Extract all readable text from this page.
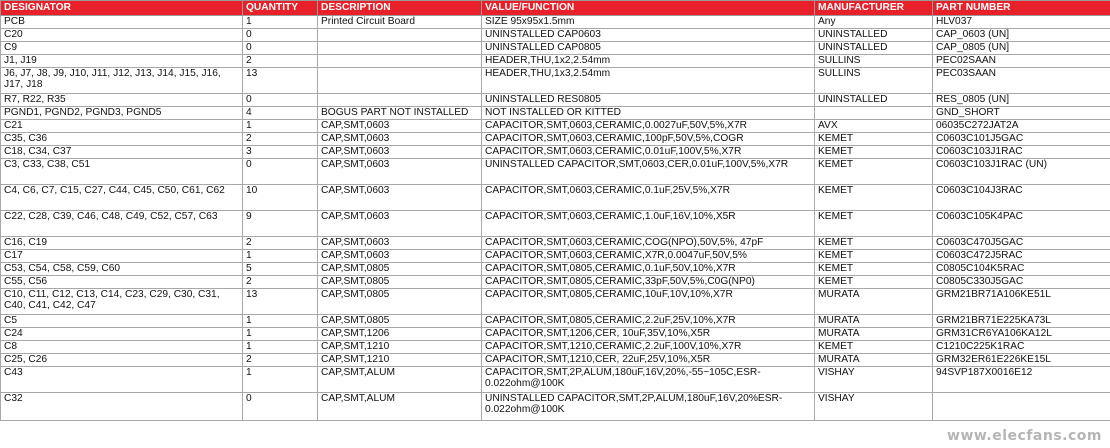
DESIGNATOR	QUANTITY	DESCRIPTION	VALUE/FUNCTION	MANUFACTURER	PART NUMBER
PCB	1	Printed Circuit Board	SIZE 95x95x1.5mm	Any	HLV037
C20	0		UNINSTALLED CAP0603	UNINSTALLED	CAP_0603 (UN]
C9	0		UNINSTALLED CAP0805	UNINSTALLED	CAP_0805 (UN]
J1, J19	2		HEADER,THU,1x2,2.54mm	SULLINS	PEC02SAAN
J6, J7, J8, J9, J10, J11, J12, J13, J14, J15, J16, J17, J18	13		HEADER,THU,1x3,2.54mm	SULLINS	PEC03SAAN
R7, R22, R35	0		UNINSTALLED RES0805	UNINSTALLED	RES_0805 (UN]
PGND1, PGND2, PGND3, PGND5	4	BOGUS PART NOT INSTALLED	NOT INSTALLED OR KITTED		GND_SHORT
C21	1	CAP,SMT,0603	CAPACITOR,SMT,0603,CERAMIC,0.0027uF,50V,5%,X7R	AVX	06035C272JAT2A
C35, C36	2	CAP,SMT,0603	CAPACITOR,SMT,0603,CERAMIC,100pF,50V,5%,COGR	KEMET	C0603C101J5GAC
C18, C34, C37	3	CAP,SMT,0603	CAPACITOR,SMT,0603,CERAMIC,0.01uF,100V,5%,X7R	KEMET	C0603C103J1RAC
C3, C33, C38, C51	0	CAP,SMT,0603	UNINSTALLED CAPACITOR,SMT,0603,CER,0.01uF,100V,5%,X7R	KEMET	C0603C103J1RAC (UN)
C4, C6, C7, C15, C27, C44, C45, C50, C61, C62	10	CAP,SMT,0603	CAPACITOR,SMT,0603,CERAMIC,0.1uF,25V,5%,X7R	KEMET	C0603C104J3RAC
C22, C28, C39, C46, C48, C49, C52, C57, C63	9	CAP,SMT,0603	CAPACITOR,SMT,0603,CERAMIC,1.0uF,16V,10%,X5R	KEMET	C0603C105K4PAC
C16, C19	2	CAP,SMT,0603	CAPACITOR,SMT,0603,CERAMIC,COG(NPO),50V,5%, 47pF	KEMET	C0603C470J5GAC
C17	1	CAP,SMT,0603	CAPACITOR,SMT,0603,CERAMIC,X7R,0.0047uF,50V,5%	KEMET	C0603C472J5RAC
C53, C54, C58, C59, C60	5	CAP,SMT,0805	CAPACITOR,SMT,0805,CERAMIC,0.1uF,50V,10%,X7R	KEMET	C0805C104K5RAC
C55, C56	2	CAP,SMT,0805	CAPACITOR,SMT,0805,CERAMIC,33pF,50V,5%,C0G(NP0)	KEMET	C0805C330J5GAC
C10, C11, C12, C13, C14, C23, C29, C30, C31, C40, C41, C42, C47	13	CAP,SMT,0805	CAPACITOR,SMT,0805,CERAMIC,10uF,10V,10%,X7R	MURATA	GRM21BR71A106KE51L
C5	1	CAP,SMT,0805	CAPACITOR,SMT,0805,CERAMIC,2.2uF,25V,10%,X7R	MURATA	GRM21BR71E225KA73L
C24	1	CAP,SMT,1206	CAPACITOR,SMT,1206,CER, 10uF,35V,10%,X5R	MURATA	GRM31CR6YA106KA12L
C8	1	CAP,SMT,1210	CAPACITOR,SMT,1210,CERAMIC,2.2uF,100V,10%,X7R	KEMET	C1210C225K1RAC
C25, C26	2	CAP,SMT,1210	CAPACITOR,SMT,1210,CER, 22uF,25V,10%,X5R	MURATA	GRM32ER61E226KE15L
C43	1	CAP,SMT,ALUM	CAPACITOR,SMT,2P,ALUM,180uF,16V,20%,-55~105C,ESR-0.022ohm@100K	VISHAY	94SVP187X0016E12
C32	0	CAP,SMT,ALUM	UNINSTALLED CAPACITOR,SMT,2P,ALUM,180uF,16V,20%ESR-0.022ohm@100K	VISHAY	
www.elecfans.com
